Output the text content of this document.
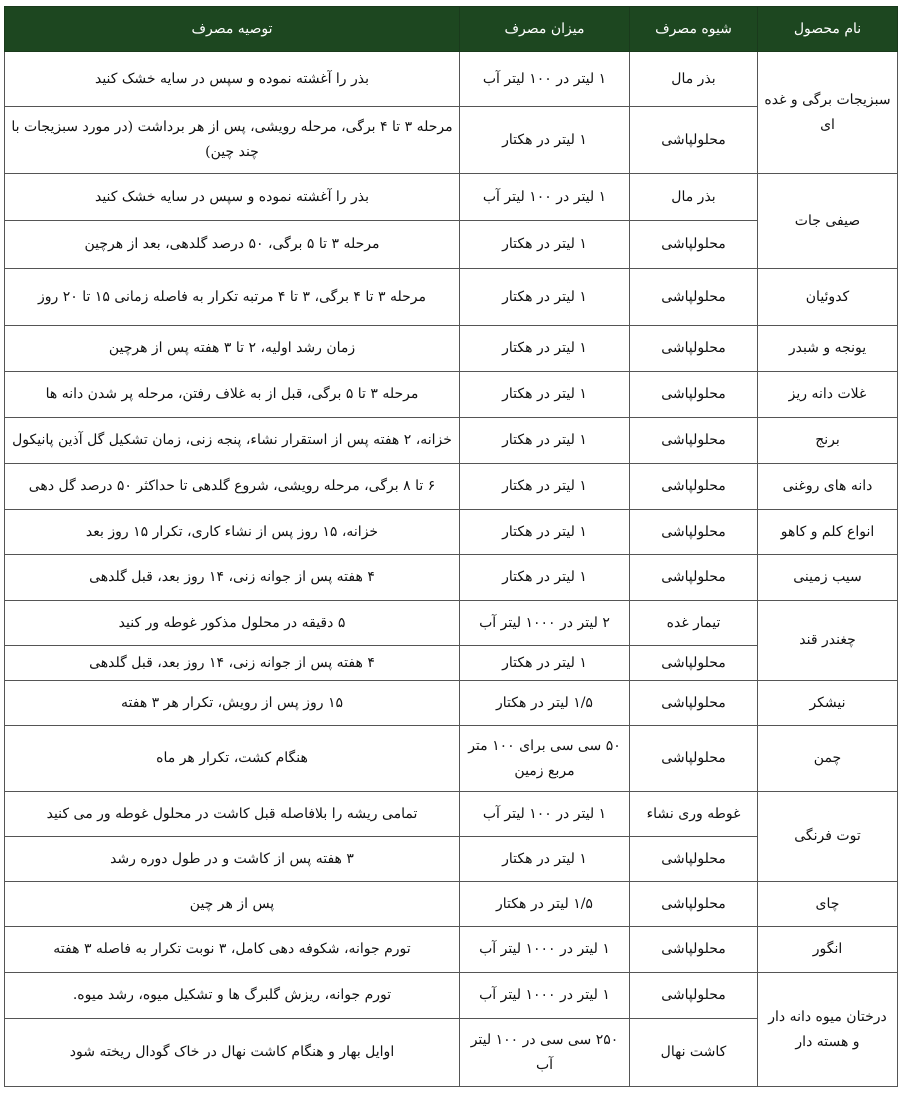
نام محصول	شیوه مصرف	میزان مصرف	توصیه مصرف
سبزیجات برگی و غده ای	بذر مال	۱ لیتر در ۱۰۰ لیتر آب	بذر را آغشته نموده و سپس در سایه خشک کنید
	محلولپاشی	۱ لیتر در هکتار	مرحله ۳ تا ۴ برگی، مرحله رویشی، پس از هر برداشت (در مورد سبزیجات با چند چین)
صیفی جات	بذر مال	۱ لیتر در ۱۰۰ لیتر آب	بذر را آغشته نموده و سپس در سایه خشک کنید
	محلولپاشی	۱ لیتر در هکتار	مرحله ۳ تا ۵ برگی، ۵۰ درصد گلدهی، بعد از هرچین
کدوئیان	محلولپاشی	۱ لیتر در هکتار	مرحله ۳ تا ۴ برگی، ۳ تا ۴ مرتبه تکرار به فاصله زمانی ۱۵ تا ۲۰ روز
یونجه و شبدر	محلولپاشی	۱ لیتر در هکتار	زمان رشد اولیه، ۲ تا ۳ هفته پس از هرچین
غلات دانه ریز	محلولپاشی	۱ لیتر در هکتار	مرحله ۳ تا ۵ برگی، قبل از به غلاف رفتن، مرحله پر شدن دانه ها
برنج	محلولپاشی	۱ لیتر در هکتار	خزانه، ۲ هفته پس از استقرار نشاء، پنجه زنی، زمان تشکیل گل آذین پانیکول
دانه های روغنی	محلولپاشی	۱ لیتر در هکتار	۶ تا ۸ برگی، مرحله رویشی، شروع گلدهی تا حداکثر ۵۰ درصد گل دهی
انواع کلم و کاهو	محلولپاشی	۱ لیتر در هکتار	خزانه، ۱۵ روز پس از نشاء کاری، تکرار ۱۵ روز بعد
سیب زمینی	محلولپاشی	۱ لیتر در هکتار	۴ هفته پس از جوانه زنی، ۱۴ روز بعد، قبل گلدهی
چغندر قند	تیمار غده	۲ لیتر در ۱۰۰۰ لیتر آب	۵ دقیقه در محلول مذکور غوطه ور کنید
	محلولپاشی	۱ لیتر در هکتار	۴ هفته پس از جوانه زنی، ۱۴ روز بعد، قبل گلدهی
نیشکر	محلولپاشی	۱/۵ لیتر در هکتار	۱۵ روز پس از رویش، تکرار هر ۳ هفته
چمن	محلولپاشی	۵۰ سی سی برای ۱۰۰ متر مربع زمین	هنگام کشت، تکرار هر ماه
توت فرنگی	غوطه وری نشاء	۱ لیتر در ۱۰۰ لیتر آب	تمامی ریشه را بلافاصله قبل کاشت در محلول غوطه ور می کنید
	محلولپاشی	۱ لیتر در هکتار	۳ هفته پس از کاشت و در طول دوره رشد
چای	محلولپاشی	۱/۵ لیتر در هکتار	پس از هر چین
انگور	محلولپاشی	۱ لیتر در ۱۰۰۰ لیتر آب	تورم جوانه، شکوفه دهی کامل، ۳ نوبت تکرار به فاصله ۳ هفته
درختان میوه دانه دار و هسته دار	محلولپاشی	۱ لیتر در ۱۰۰۰ لیتر آب	تورم جوانه، ریزش گلبرگ ها و تشکیل میوه، رشد میوه.
	کاشت نهال	۲۵۰ سی سی در ۱۰۰ لیتر آب	اوایل بهار و هنگام کاشت نهال در خاک گودال ریخته شود
